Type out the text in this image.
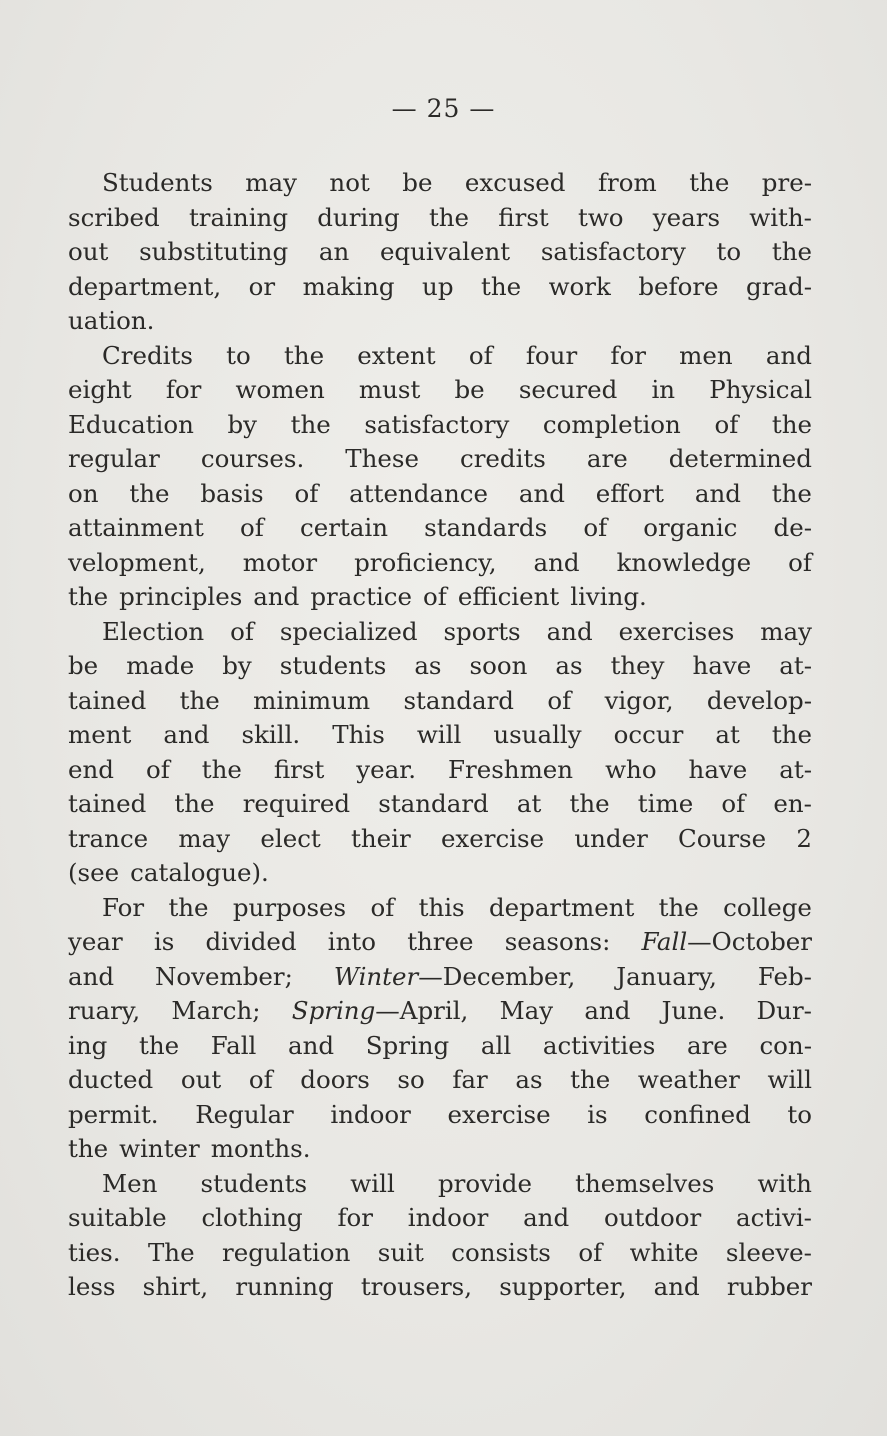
— 25 —
Students may not be excused from the pre-
scribed training during the first two years with-
out substituting an equivalent satisfactory to the
department, or making up the work before grad-
uation.
Credits to the extent of four for men and
eight for women must be secured in Physical
Education by the satisfactory completion of the
regular courses. These credits are determined
on the basis of attendance and effort and the
attainment of certain standards of organic de-
velopment, motor proficiency, and knowledge of
the principles and practice of efficient living.
Election of specialized sports and exercises may
be made by students as soon as they have at-
tained the minimum standard of vigor, develop-
ment and skill. This will usually occur at the
end of the first year. Freshmen who have at-
tained the required standard at the time of en-
trance may elect their exercise under Course 2
(see catalogue).
For the purposes of this department the college
year is divided into three seasons: Fall—October
and November; Winter—December, January, Feb-
ruary, March; Spring—April, May and June. Dur-
ing the Fall and Spring all activities are con-
ducted out of doors so far as the weather will
permit. Regular indoor exercise is confined to
the winter months.
Men students will provide themselves with
suitable clothing for indoor and outdoor activi-
ties. The regulation suit consists of white sleeve-
less shirt, running trousers, supporter, and rubber
